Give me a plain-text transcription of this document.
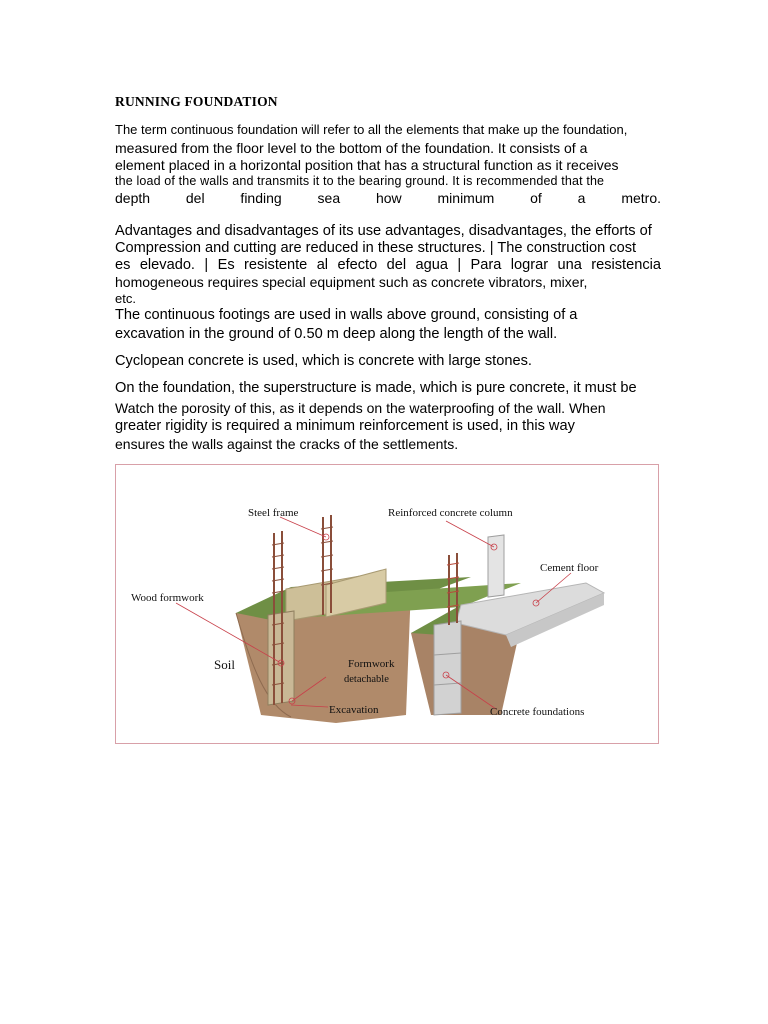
RUNNING FOUNDATION
The term continuous foundation will refer to all the elements that make up the foundation,
measured from the floor level to the bottom of the foundation. It consists of a
element placed in a horizontal position that has a structural function as it receives
the load of the walls and transmits it to the bearing ground. It is recommended that the
depth del finding sea how minimum of a metro.
Advantages and disadvantages of its use advantages, disadvantages, the efforts of
Compression and cutting are reduced in these structures. | The construction cost
es elevado. | Es resistente al efecto del agua | Para lograr una resistencia
homogeneous requires special equipment such as concrete vibrators, mixer,
etc.
The continuous footings are used in walls above ground, consisting of a
excavation in the ground of 0.50 m deep along the length of the wall.
Cyclopean concrete is used, which is concrete with large stones.
On the foundation, the superstructure is made, which is pure concrete, it must be
Watch the porosity of this, as it depends on the waterproofing of the wall. When
greater rigidity is required a minimum reinforcement is used, in this way
ensures the walls against the cracks of the settlements.
Steel frame	Reinforced concrete column
Cement floor
Wood formwork
Soil	Formwork
detachable
Excavation	Concrete foundations
